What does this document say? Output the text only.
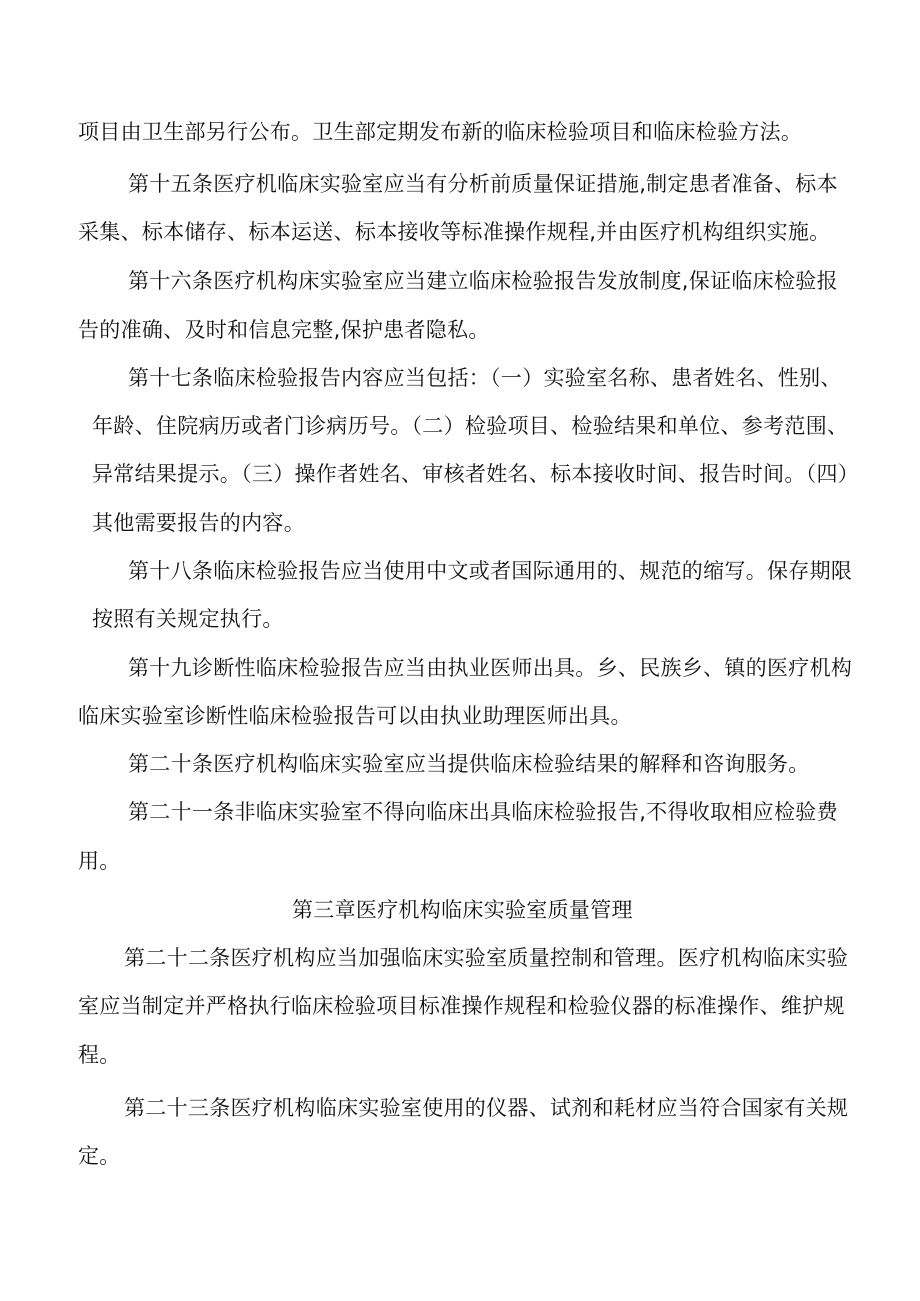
项目由卫生部另行公布。卫生部定期发布新的临床检验项目和临床检验方法。
第十五条医疗机临床实验室应当有分析前质量保证措施,制定患者准备、标本
采集、标本储存、标本运送、标本接收等标准操作规程,并由医疗机构组织实施。
第十六条医疗机构床实验室应当建立临床检验报告发放制度,保证临床检验报
告的准确、及时和信息完整,保护患者隐私。
第十七条临床检验报告内容应当包括：（一）实验室名称、患者姓名、性别、
年龄、住院病历或者门诊病历号。（二）检验项目、检验结果和单位、参考范围、
异常结果提示。（三）操作者姓名、审核者姓名、标本接收时间、报告时间。（四）
其他需要报告的内容。
第十八条临床检验报告应当使用中文或者国际通用的、规范的缩写。保存期限
按照有关规定执行。
第十九诊断性临床检验报告应当由执业医师出具。乡、民族乡、镇的医疗机构
临床实验室诊断性临床检验报告可以由执业助理医师出具。
第二十条医疗机构临床实验室应当提供临床检验结果的解释和咨询服务。
第二十一条非临床实验室不得向临床出具临床检验报告,不得收取相应检验费
用。
第三章医疗机构临床实验室质量管理
第二十二条医疗机构应当加强临床实验室质量控制和管理。医疗机构临床实验
室应当制定并严格执行临床检验项目标准操作规程和检验仪器的标准操作、维护规
程。
第二十三条医疗机构临床实验室使用的仪器、试剂和耗材应当符合国家有关规
定。
